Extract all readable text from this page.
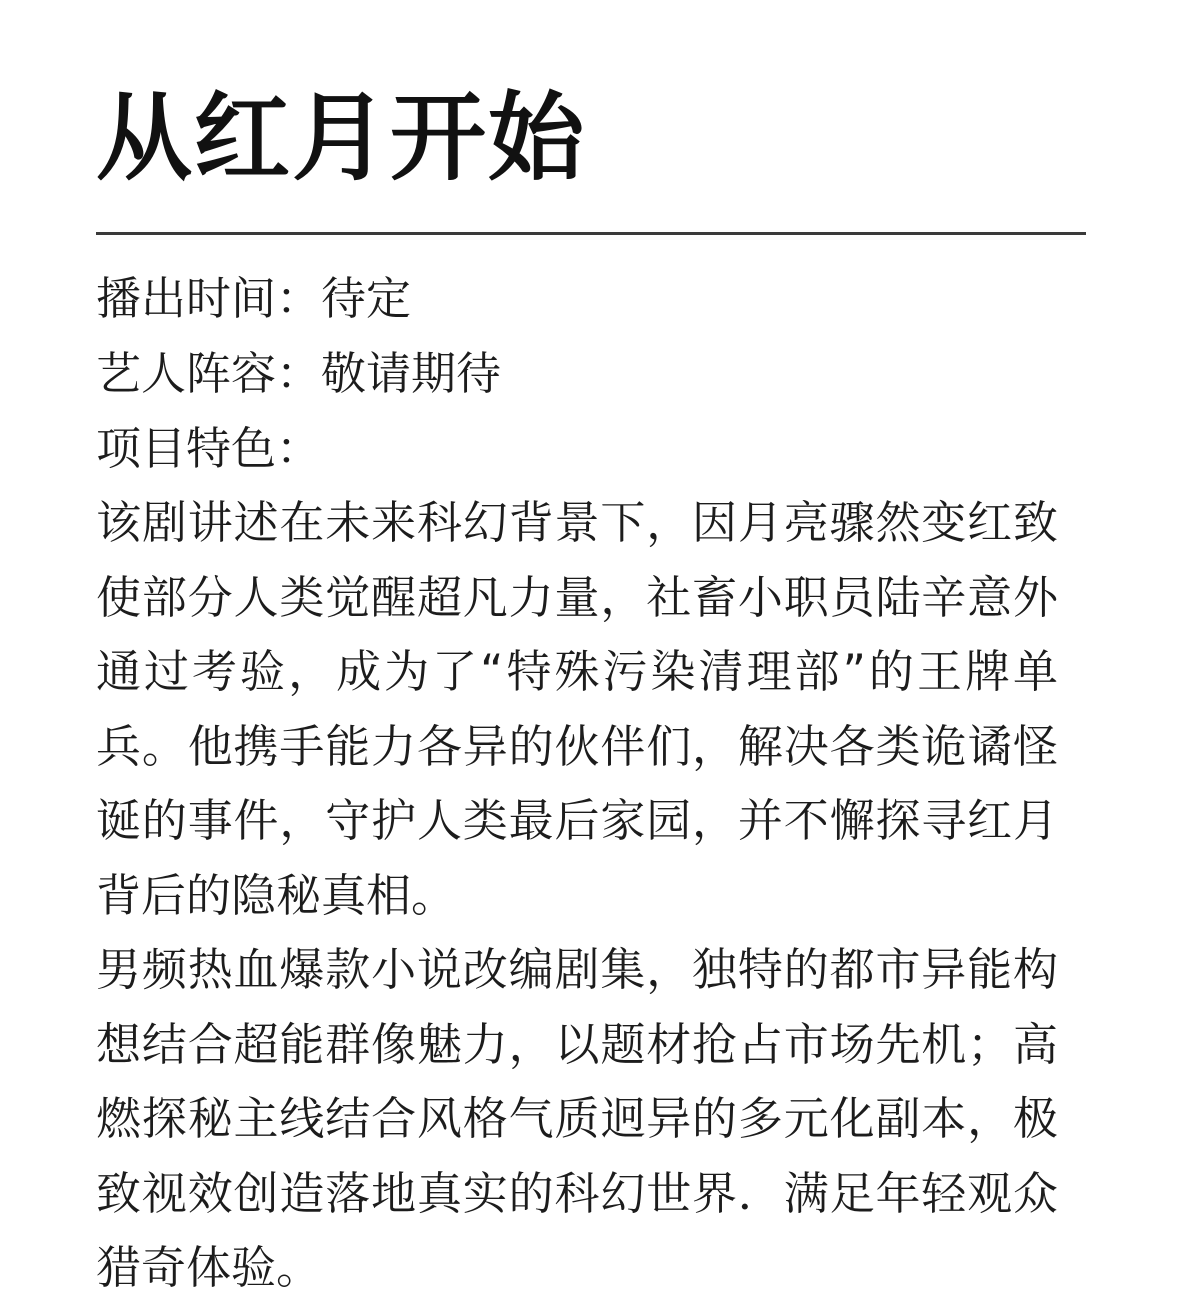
从红月开始
播出时间：待定
艺人阵容：敬请期待
项目特色：

该剧讲述在未来科幻背景下，因月亮骤然变红致使部分人类觉醒超凡力量，社畜小职员陆辛意外通过考验，成为了“特殊污染清理部”的王牌单兵。他携手能力各异的伙伴们，解决各类诡谲怪诞的事件，守护人类最后家园，并不懈探寻红月背后的隐秘真相。

男频热血爆款小说改编剧集，独特的都市异能构想结合超能群像魅力，以题材抢占市场先机；高燃探秘主线结合风格气质迥异的多元化副本，极致视效创造落地真实的科幻世界．满足年轻观众猎奇体验。
